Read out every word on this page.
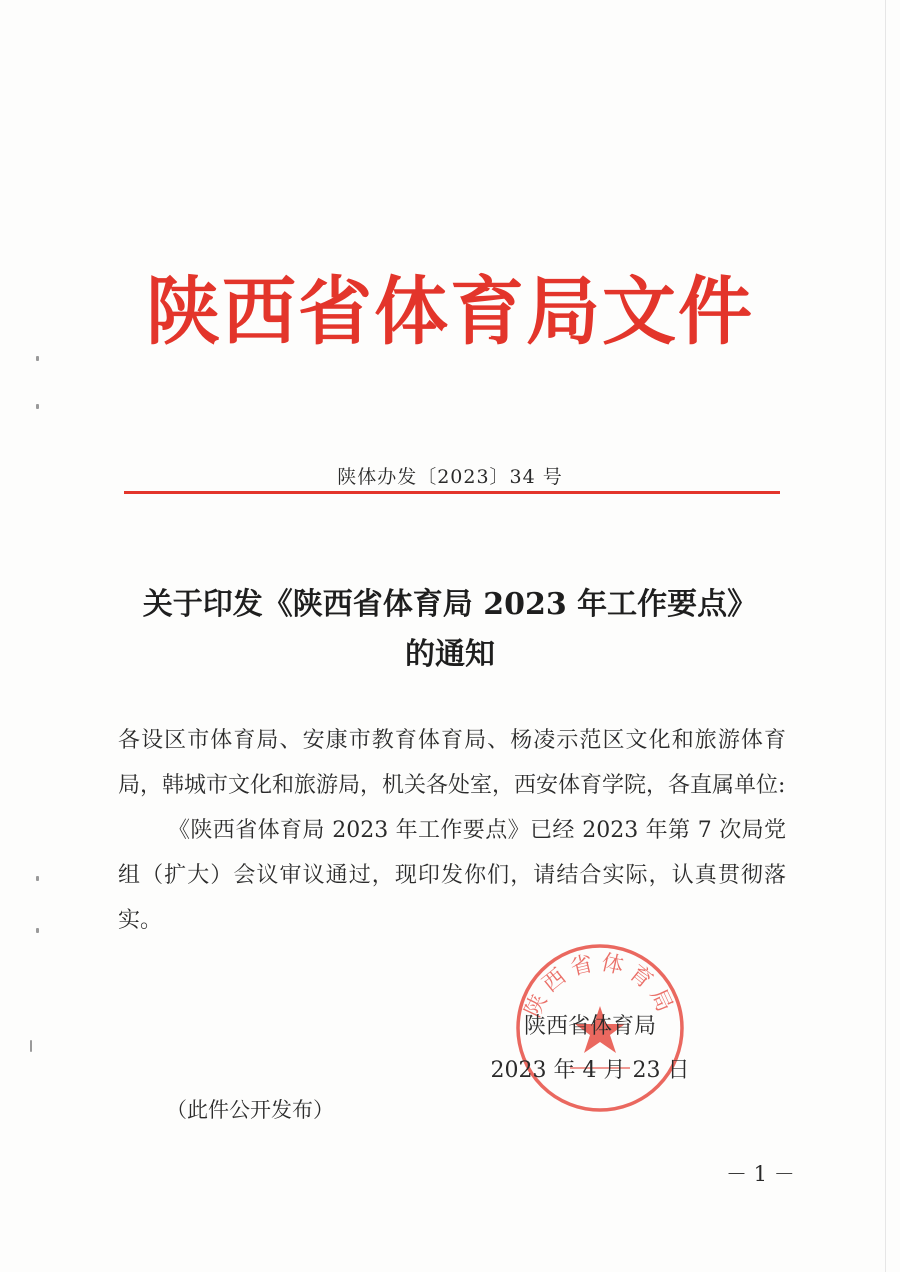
陕西省体育局文件
陕体办发〔2023〕34 号
关于印发《陕西省体育局 2023 年工作要点》
的通知

各设区市体育局、安康市教育体育局、杨凌示范区文化和旅游体育局，韩城市文化和旅游局，机关各处室，西安体育学院，各直属单位:

《陕西省体育局 2023 年工作要点》已经 2023 年第 7 次局党组（扩大）会议审议通过，现印发你们，请结合实际，认真贯彻落实。

陕西省体育局
陕西省体育局
2023 年 4 月 23 日
（此件公开发布）
－ 1 －
